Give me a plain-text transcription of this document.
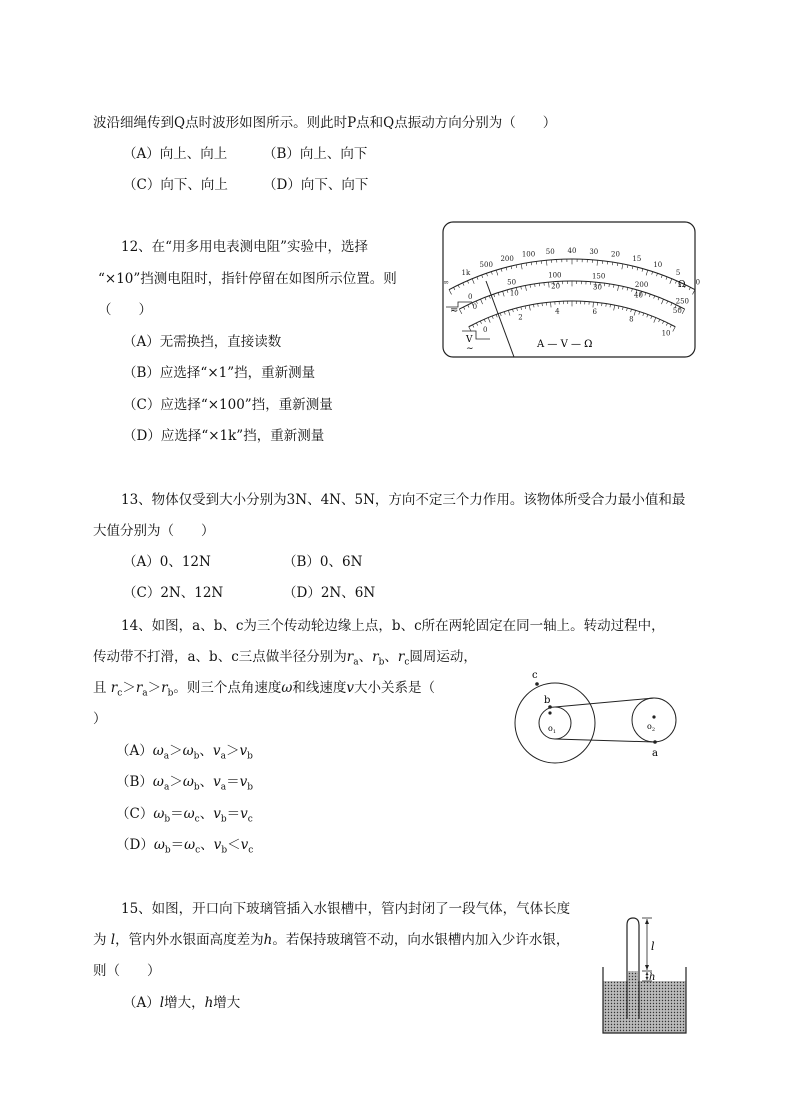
波沿细绳传到Q点时波形如图所示。则此时P点和Q点振动方向分别为（　　）
（A）向上、向上	（B）向上、向下
（C）向下、向上	（D）向下、向下
12、在“用多用电表测电阻”实验中，选择
“×10”挡测电阻时，指针停留在如图所示位置。则
（　　）
（A）无需换挡，直接读数
（B）应选择“×1”挡，重新测量
（C）应选择“×100”挡，重新测量
（D）应选择“×1k”挡，重新测量
∞
1k
500
200
100 50 40 30 20
15
10
5
0
0
50
100	150
200
250
0
10
20	30
40
50
0
2
4	6
8
10
≂
V
∼
Ω
A — V — Ω
13、物体仅受到大小分别为3N、4N、5N，方向不定三个力作用。该物体所受合力最小值和最
大值分别为（　　）
（A）0、12N	（B）0、6N
（C）2N、12N	（D）2N、6N
14、如图，a、b、c为三个传动轮边缘上点，b、c所在两轮固定在同一轴上。转动过程中，
传动带不打滑，a、b、c三点做半径分别为$r_a$、$r_b$、$r_c$圆周运动，
且 $r_c>r_a>r_b$。则三个点角速度ω和线速度v大小关系是（
）
$(A)\omega_a>\omega_b$、$v_a>v_b$
$(B)\omega_a>\omega_b$、$v_a=v_b$
$(C)\omega_b=\omega_c$、$v_b=v_c$
$(D)\omega_b=\omega_c$、$v_b<v_c$
c
b
a
$o_1$
$o_2$
15、如图，开口向下玻璃管插入水银槽中，管内封闭了一段气体，气体长度
为 l，管内外水银面高度差为h。若保持玻璃管不动，向水银槽内加入少许水银，
则（　　）
（A）l增大，h增大
l
h
